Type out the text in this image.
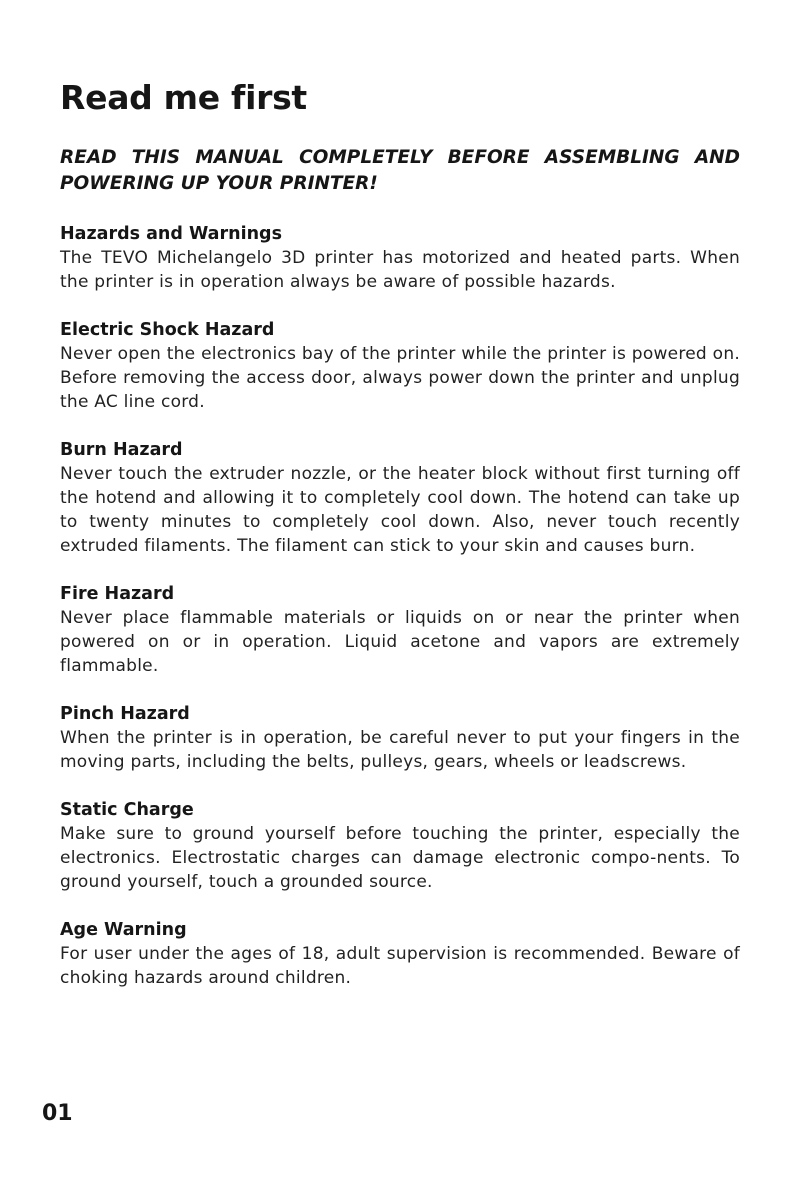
Read me first

READ THIS MANUAL COMPLETELY BEFORE ASSEMBLING AND POWERING UP YOUR PRINTER!

Hazards and Warnings

The TEVO Michelangelo 3D printer has motorized and heated parts. When the printer is in operation always be aware of possible hazards.

Electric Shock Hazard

Never open the electronics bay of the printer while the printer is powered on. Before removing the access door, always power down the printer and unplug the AC line cord.

Burn Hazard

Never touch the extruder nozzle, or the heater block without first turning off the hotend and allowing it to completely cool down. The hotend can take up to twenty minutes to completely cool down. Also, never touch recently extruded filaments. The filament can stick to your skin and causes burn.

Fire Hazard

Never place flammable materials or liquids on or near the printer when powered on or in operation. Liquid acetone and vapors are extremely flammable.

Pinch Hazard

When the printer is in operation, be careful never to put your fingers in the moving parts, including the belts, pulleys, gears, wheels or leadscrews.

Static Charge

Make sure to ground yourself before touching the printer, especially the electronics. Electrostatic charges can damage electronic compo-nents. To ground yourself, touch a grounded source.

Age Warning

For user under the ages of 18, adult supervision is recommended. Beware of choking hazards around children.

01
